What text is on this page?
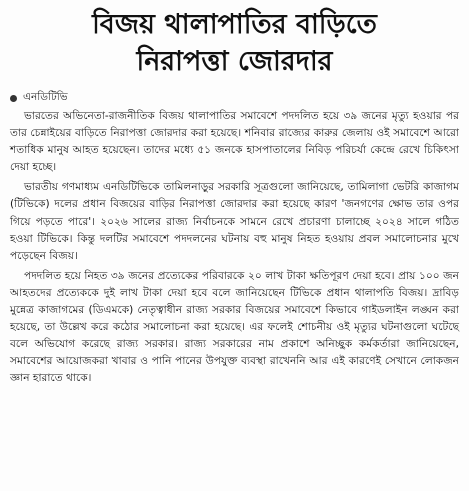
বিজয় থালাপাতির বাড়িতে
নিরাপত্তা জোরদার
এনডিটিভি

ভারতের অভিনেতা-রাজনীতিক বিজয় থালাপাতির সমাবেশে পদদলিত হয়ে ৩৯ জনের মৃত্যু হওয়ার পর তার চেন্নাইয়ের বাড়িতে নিরাপত্তা জোরদার করা হয়েছে। শনিবার রাজ্যের কারুর জেলায় ওই সমাবেশে আরো শতাধিক মানুষ আহত হয়েছেন। তাদের মধ্যে ৫১ জনকে হাসপাতালের নিবিড় পরিচর্যা কেন্দ্রে রেখে চিকিৎসা দেয়া হচ্ছে।

ভারতীয় গণমাধ্যম এনডিটিভিকে তামিলনাড়ুর সরকারি সূত্রগুলো জানিয়েছে, তামিলাগা ভেটরি কাজাগম (টিভিকে) দলের প্রধান বিজয়ের বাড়ির নিরাপত্তা জোরদার করা হয়েছে কারণ 'জনগণের ক্ষোভ তার ওপর গিয়ে পড়তে পারে'। ২০২৬ সালের রাজ্য নির্বাচনকে সামনে রেখে প্রচারণা চালাচ্ছে ২০২৪ সালে গঠিত হওয়া টিভিকে। কিন্তু দলটির সমাবেশে পদদলনের ঘটনায় বহু মানুষ নিহত হওয়ায় প্রবল সমালোচনার মুখে পড়েছেন বিজয়।

পদদলিত হয়ে নিহত ৩৯ জনের প্রত্যেকের পরিবারকে ২০ লাখ টাকা ক্ষতিপূরণ দেয়া হবে। প্রায় ১০০ জন আহতদের প্রত্যেককে দুই লাখ টাকা দেয়া হবে বলে জানিয়েছেন টিভিকে প্রধান থালাপতি বিজয়। দ্রাবিড় মুন্নেত্র কাজাগমের (ডিএমকে) নেতৃত্বাধীন রাজ্য সরকার বিজয়ের সমাবেশে কিভাবে গাইডলাইন লঙ্ঘন করা হয়েছে, তা উল্লেখ করে কঠোর সমালোচনা করা হয়েছে। এর ফলেই শোচনীয় ওই মৃত্যুর ঘটনাগুলো ঘটেছে বলে অভিযোগ করেছে রাজ্য সরকার। রাজ্য সরকারের নাম প্রকাশে অনিচ্ছুক কর্মকর্তারা জানিয়েছেন, সমাবেশের আয়োজকরা খাবার ও পানি পানের উপযুক্ত ব্যবস্থা রাখেননি আর এই কারণেই সেখানে লোকজন জ্ঞান হারাতে থাকে।
